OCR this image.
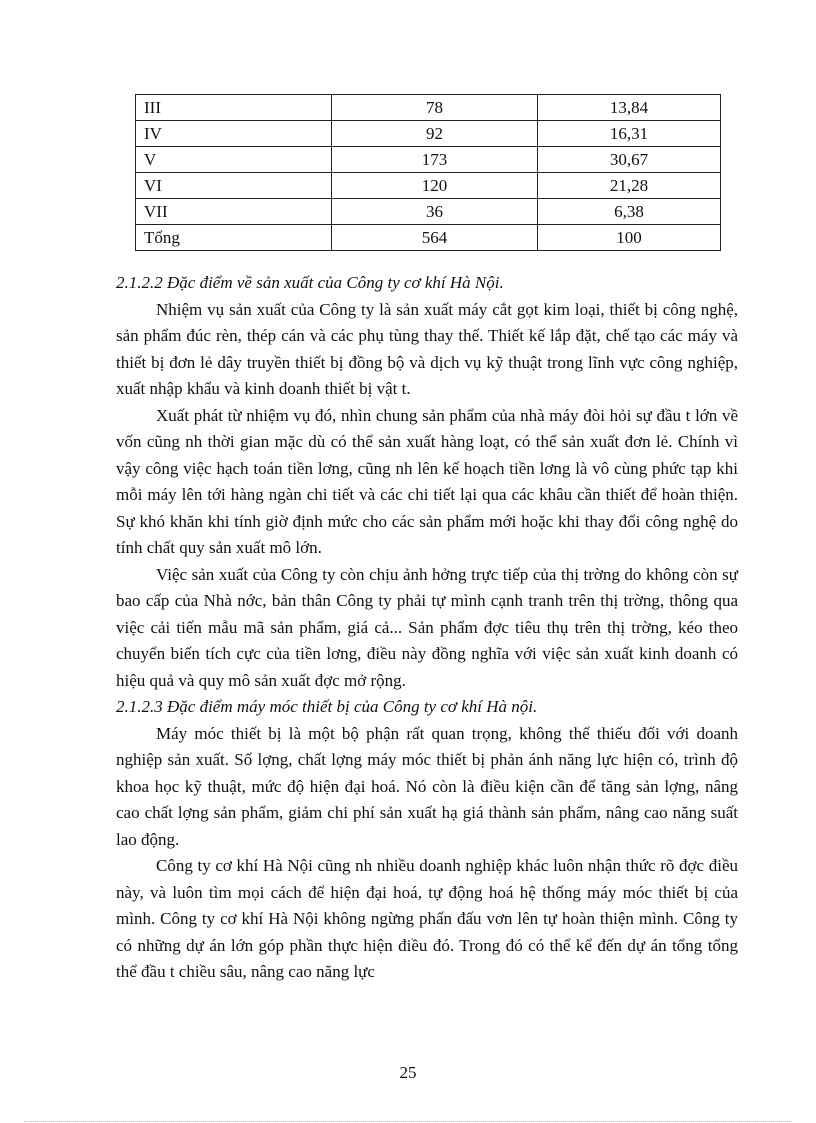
III	78	13,84
IV	92	16,31
V	173	30,67
VI	120	21,28
VII	36	6,38
Tổng	564	100
2.1.2.2 Đặc điểm về sản xuất của Công ty cơ khí Hà Nội.

Nhiệm vụ sản xuất của Công ty là sản xuất máy cắt gọt kim loại, thiết bị công nghệ, sản phẩm đúc rèn, thép cán và các phụ tùng thay thế. Thiết kế lắp đặt, chế tạo các máy và thiết bị đơn lẻ dây truyền thiết bị đồng bộ và dịch vụ kỹ thuật trong lĩnh vực công nghiệp, xuất nhập khẩu và kinh doanh thiết bị vật t.

Xuất phát từ nhiệm vụ đó, nhìn chung sản phẩm của nhà máy đòi hỏi sự đầu t lớn về vốn cũng nh thời gian mặc dù có thể sản xuất hàng loạt, có thể sản xuất đơn lẻ. Chính vì vậy công việc hạch toán tiền lơng, cũng nh lên kế hoạch tiền lơng là vô cùng phức tạp khi mỗi máy lên tới hàng ngàn chi tiết và các chi tiết lại qua các khâu cần thiết để hoàn thiện. Sự khó khăn khi tính giờ định mức cho các sản phẩm mới hoặc khi thay đổi công nghệ do tính chất quy sản xuất mô lớn.

Việc sản xuất của Công ty còn chịu ảnh hởng trực tiếp của thị trờng do không còn sự bao cấp của Nhà nớc, bản thân Công ty phải tự mình cạnh tranh trên thị trờng, thông qua việc cải tiến mẫu mã sản phẩm, giá cả... Sản phẩm đợc tiêu thụ trên thị trờng, kéo theo chuyển biến tích cực của tiền lơng, điều này đồng nghĩa với việc sản xuất kinh doanh có hiệu quả và quy mô sản xuất đợc mở rộng.

2.1.2.3 Đặc điểm máy móc thiết bị của Công ty cơ khí Hà nội.

Máy móc thiết bị là một bộ phận rất quan trọng, không thể thiếu đối với doanh nghiệp sản xuất. Số lợng, chất lợng máy móc thiết bị phản ánh năng lực hiện có, trình độ khoa học kỹ thuật, mức độ hiện đại hoá. Nó còn là điều kiện cần để tăng sản lợng, nâng cao chất lợng sản phẩm, giảm chi phí sản xuất hạ giá thành sản phẩm, nâng cao năng suất lao động.

Công ty cơ khí Hà Nội cũng nh nhiều doanh nghiệp khác luôn nhận thức rõ đợc điều này, và luôn tìm mọi cách để hiện đại hoá, tự động hoá hệ thống máy móc thiết bị của mình. Công ty cơ khí Hà Nội không ngừng phấn đấu vơn lên tự hoàn thiện mình. Công ty có những dự án lớn góp phần thực hiện điều đó. Trong đó có thể kể đến dự án tổng tổng thể đầu t chiều sâu, nâng cao năng lực

25
